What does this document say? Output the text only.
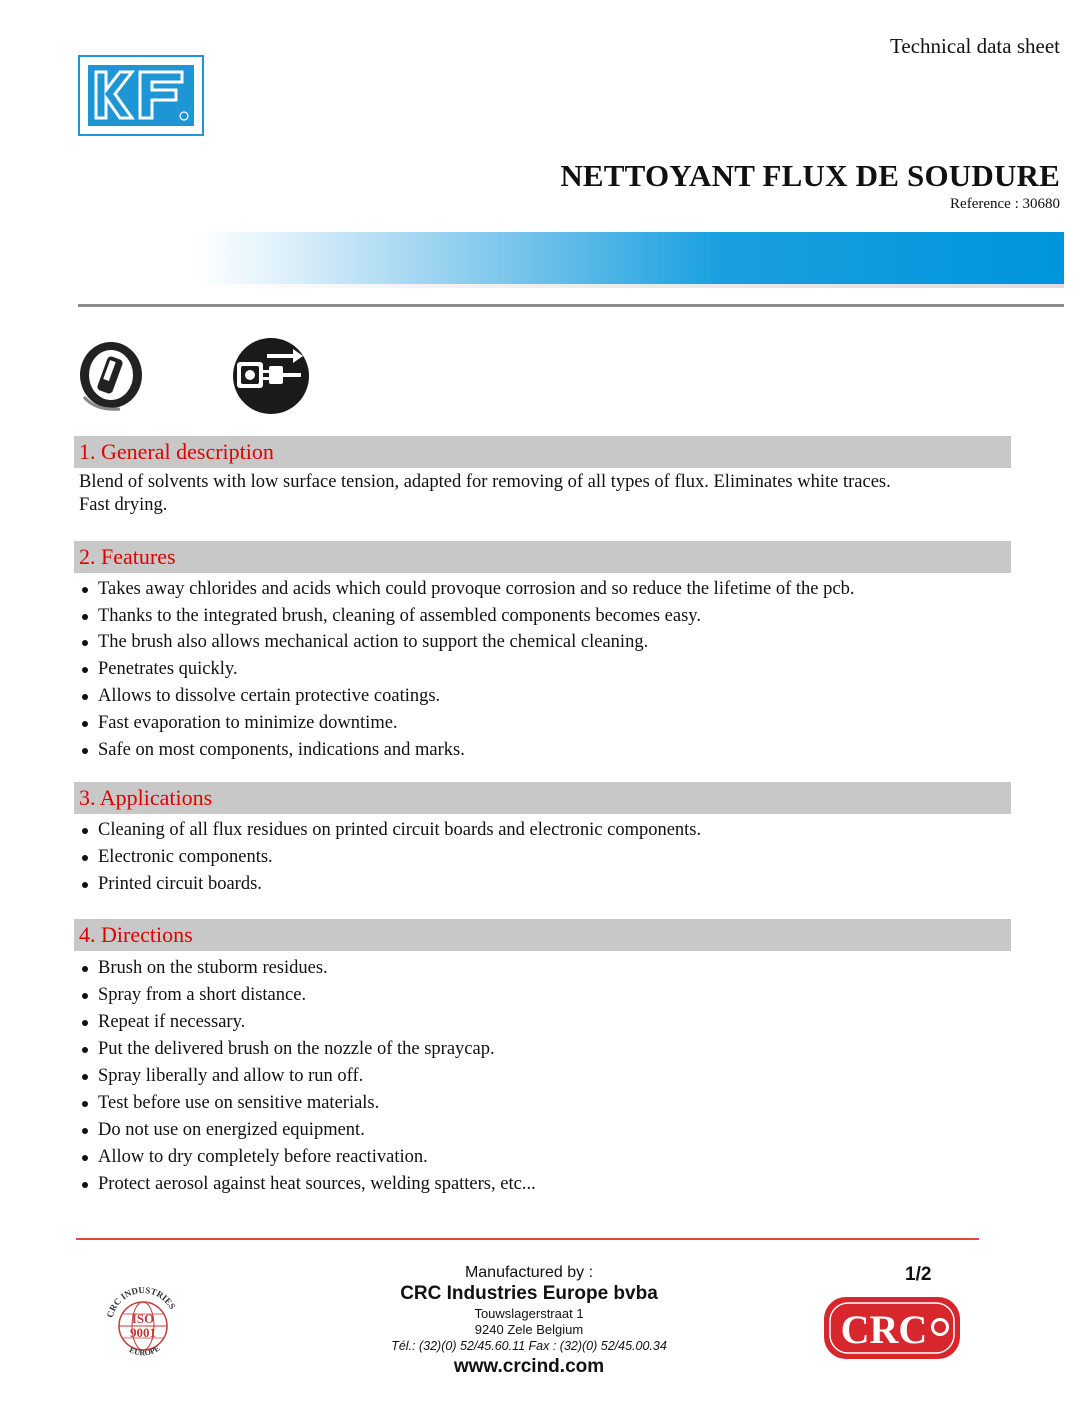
Technical data sheet
NETTOYANT FLUX DE SOUDURE
Reference : 30680
1. General description
Blend of solvents with low surface tension, adapted for removing of all types of flux. Eliminates white traces.
Fast drying.
2. Features
Takes away chlorides and acids which could provoque corrosion and so reduce the lifetime of the pcb.
Thanks to the integrated brush, cleaning of assembled components becomes easy.
The brush also allows mechanical action to support the chemical cleaning.
Penetrates quickly.
Allows to dissolve certain protective coatings.
Fast evaporation to minimize downtime.
Safe on most components, indications and marks.
3. Applications
Cleaning of all flux residues on printed circuit boards and electronic components.
Electronic components.
Printed circuit boards.
4. Directions
Brush on the stuborm residues.
Spray from a short distance.
Repeat if necessary.
Put the delivered brush on the nozzle of the spraycap.
Spray liberally and allow to run off.
Test before use on sensitive materials.
Do not use on energized equipment.
Allow to dry completely before reactivation.
Protect aerosol against heat sources, welding spatters, etc...
CRC INDUSTRIES
ISO
9001
EUROPE
Manufactured by :
CRC Industries Europe bvba
Touwslagerstraat 1
9240 Zele Belgium
Tél.: (32)(0) 52/45.60.11 Fax : (32)(0) 52/45.00.34
www.crcind.com
1/2
CRC
